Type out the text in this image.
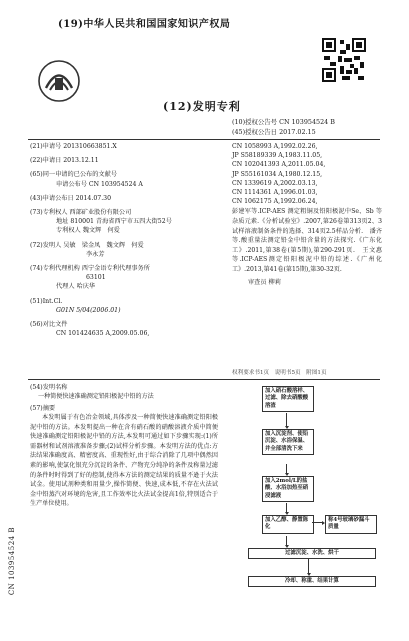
(19)中华人民共和国国家知识产权局
(12)发明专利
(10)授权公告号 CN 103954524 B
(45)授权公告日 2017.02.15
(21)申请号 201310663851.X
(22)申请日 2013.12.11
(65)同一申请的已公布的文献号
申请公布号 CN 103954524 A
(43)申请公布日 2014.07.30
(73)专利权人 西部矿业股份有限公司
地址 810001 青海省西宁市五四大街52号
专利权人 魏文辉　何爱
(72)发明人 吴敏　梁金凤　魏文辉　何爱
李永芳
(74)专利代理机构 西宁金语专利代理事务所
63101
代理人 哈庆华
(51)Int.Cl.
G01N 5/04(2006.01)
(56)对比文件
CN 101424635 A,2009.05.06,
CN 1058993 A,1992.02.26,
JP S58189339 A,1983.11.05,
CN 102041393 A,2011.05.04,
JP S55161034 A,1980.12.15,
CN 1339619 A,2002.03.13,
CN 1114361 A,1996.01.03,
CN 1062175 A,1992.06.24,
彭建军等.ICP-AES 测定粗铜及铅阳极泥中Se、Sb 等杂质元素.《分析试验室》.2007,第26卷第313页2、3试样溶液制备条件的选择、314页2.5样品分析.　潘齐等.酸重量法测定铅金中铅含量的方法探究.《广东化工》.2011,第38卷(第5期),第290-291页.　王文惠等.ICP-AES测定铅阳极泥中铅的综述.《广州化工》.2013,第41卷(第15期),第30-32页.
审查员 柳莉
权利要求书1页　说明书5页　附图1页
(54)发明名称
一种简便快速准确测定铅阳极泥中铅的方法
(57)摘要
本发明属于有色冶金领域,具体涉及一种简便快速准确测定铅阳极泥中铅的方法。本发明提出一种在含有硝石酸的硝酸溶液介质中简便快速准确测定铅阳极泥中铅的方法,本发明可通过如下步骤实现:(1)所需器材和试剂溶液准备步骤;(2)试样分析步骤。本发明方法的优点:方法结果准确度高、精密度高、重现性好,由于综合消除了几项中偶然因素的影响,使氯化银充分沉淀的条件、产物充分纯净的条件及称量过滤的条件时时得到了好的控制,使得本方法的测定结果的质量不逊于火法试金。使用试剂种类和用量少,操作简便、快速,成本低,不存在火法试金中铅蒸汽对环境的危害,且工作效率比火法试金提高1倍,特别适合于生产单位使用。
CN 103954524 B
加入硝石酸溶样、过滤、除去硝酸酸溶渣
加入沉淀剂、使铅沉淀、水浴保温、并全部清洗下来
加入2mol/L的盐酸、水浴加热至硝浸滤液
加入乙醇、静置陈化
称4号玻璃砂漏斗质量
过滤沉淀、水洗、烘干
冷却、称重、结果计算
